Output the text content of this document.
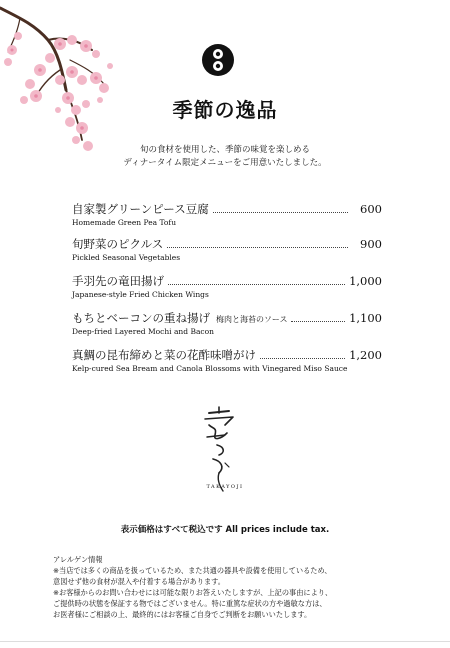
季節の逸品
旬の食材を使用した、季節の味覚を楽しめる
ディナータイム限定メニューをご用意いたしました。
自家製グリーンピース豆腐	600
Homemade Green Pea Tofu
旬野菜のピクルス	900
Pickled Seasonal Vegetables
手羽先の竜田揚げ	1,000
Japanese-style Fried Chicken Wings
もちとベーコンの重ね揚げ 梅肉と海苔のソース	1,100
Deep-fried Layered Mochi and Bacon
真鯛の昆布締めと菜の花酢味噌がけ	1,200
Kelp-cured Sea Bream and Canola Blossoms with Vinegared Miso Sauce
TAKAYOJI
表示価格はすべて税込です All prices include tax.
アレルゲン情報
※当店では多くの商品を扱っているため、また共通の器具や設備を使用しているため、
意図せず他の食材が混入や付着する場合があります。
※お客様からのお問い合わせには可能な限りお答えいたしますが、上記の事由により、
ご提供時の状態を保証する物ではございません。特に重篤な症状の方や過敏な方は、
お医者様にご相談の上、最終的にはお客様ご自身でご判断をお願いいたします。
